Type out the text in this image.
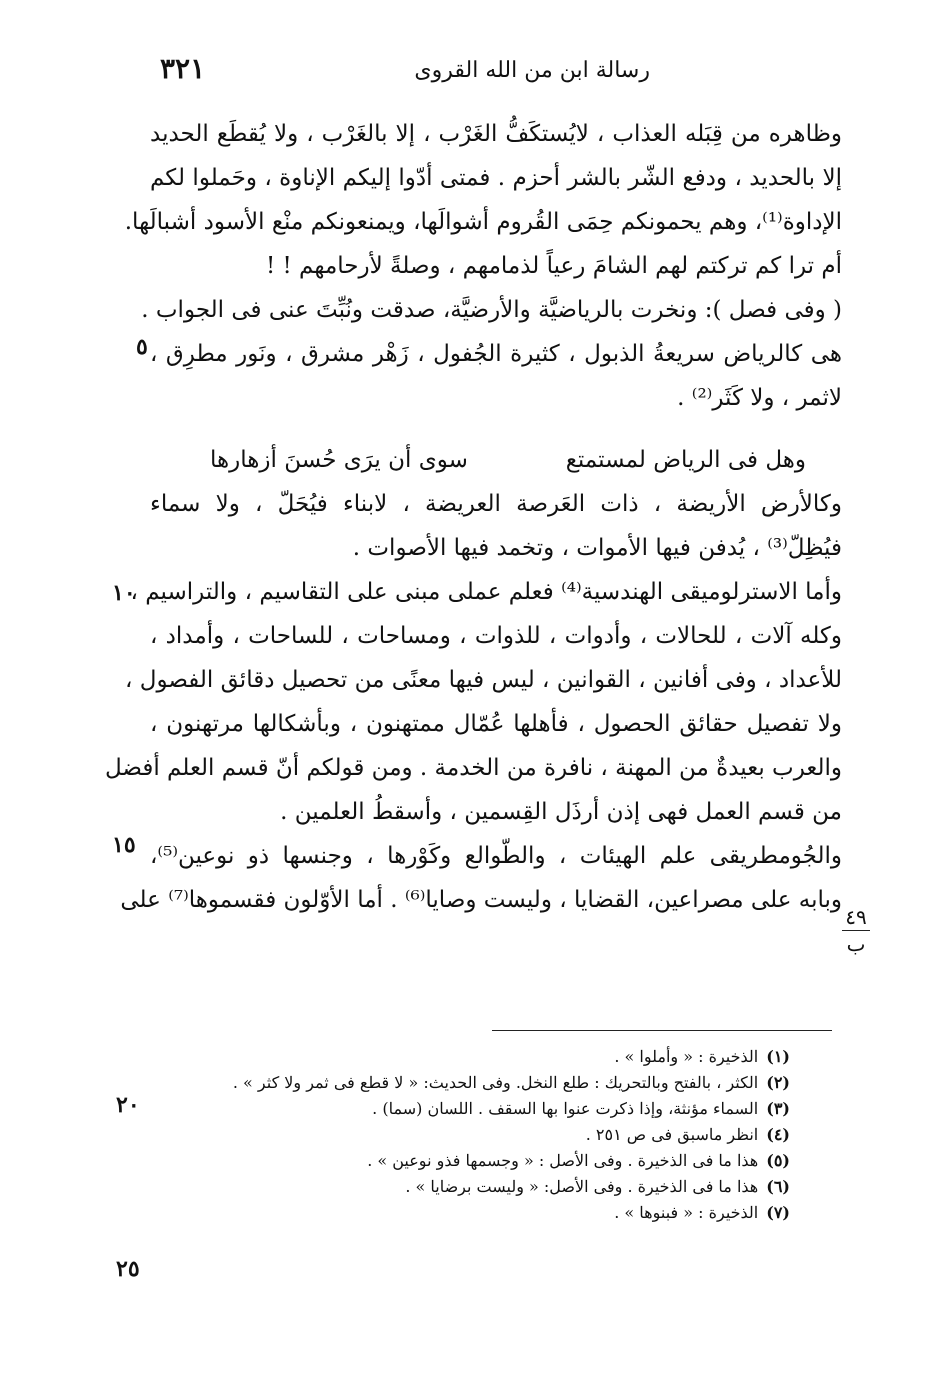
رسالة ابن من الله القروى
٣٢١
وظاهره من قِبَله العذاب ، لايُستكَفُّ الغَرْب ، إلا بالغَرْب ، ولا يُقطَع الحديد
إلا بالحديد ، ودفع الشّر بالشر أحزم . فمتى أدّوا إليكم الإناوة ، وحَملوا لكم
الإداوة⁽¹⁾، وهم يحمونكم حِمَى القُروم أشوالَها، ويمنعونكم منْع الأسود أشبالَها.
أم ترا كم تركتم لهم الشامَ رعياً لذمامهم ، وصلةً لأرحامهم ! !
( وفى فصل ): ونخرت بالرياضيَّة والأرضيَّة، صدقت ونُبِّتَ عنى فى الجواب .
هى كالرياض سريعةُ الذبول ، كثيرة الجُفول ، زَهْر مشرق ، ونَور مطرِق ،
لاثمر ، ولا كَثَر⁽²⁾ .
وهل فى الرياض لمستمتع
سوى أن يرَى حُسنَ أزهارها
وكالأرض الأريضة ، ذات العَرصة العريضة ، لابناء فيُحَلّ ، ولا سماء
فيُظِلّ⁽³⁾ ، يُدفن فيها الأموات ، وتخمد فيها الأصوات .
وأما الاسترلوميقى الهندسية⁽⁴⁾ فعلم عملى مبنى على التقاسيم ، والتراسيم ،
وكله آلات ، للحالات ، وأدوات ، للذوات ، ومساحات ، للساحات ، وأمداد ،
للأعداد ، وفى أفانين ، القوانين ، ليس فيها معنًى من تحصيل دقائق الفصول ،
ولا تفصيل حقائق الحصول ، فأهلها عُمّال ممتهنون ، وبأشكالها مرتهنون ،
والعرب بعيدةٌ من المهنة ، نافرة من الخدمة . ومن قولكم أنّ قسم العلم أفضل
من قسم العمل فهى إذن أرذَل القِسمين ، وأسقطُ العلمين .
والجُومطريقى علم الهيئات ، والطّوالع وكَوْرها ، وجنسها ذو نوعين⁽⁵⁾،
وبابه على مصراعين، القضايا ، وليست وصايا⁽⁶⁾ . أما الأوّلون فقسموها⁽⁷⁾ على
٥
١٠
١٥
٢٠
٢٥
٤٩
ب
(١)الذخيرة : « وأملوا » .
(٢)الكثر ، بالفتح وبالتحريك : طلع النخل. وفى الحديث: « لا قطع فى ثمر ولا كثر » .
(٣)السماء مؤنثة، وإذا ذكرت عنوا بها السقف . اللسان (سما) .
(٤)انظر ماسبق فى ص ٢٥١ .
(٥)هذا ما فى الذخيرة . وفى الأصل : « وجسمها فذو نوعين » .
(٦)هذا ما فى الذخيرة . وفى الأصل: « وليست برضايا » .
(٧)الذخيرة : « فبنوها » .
